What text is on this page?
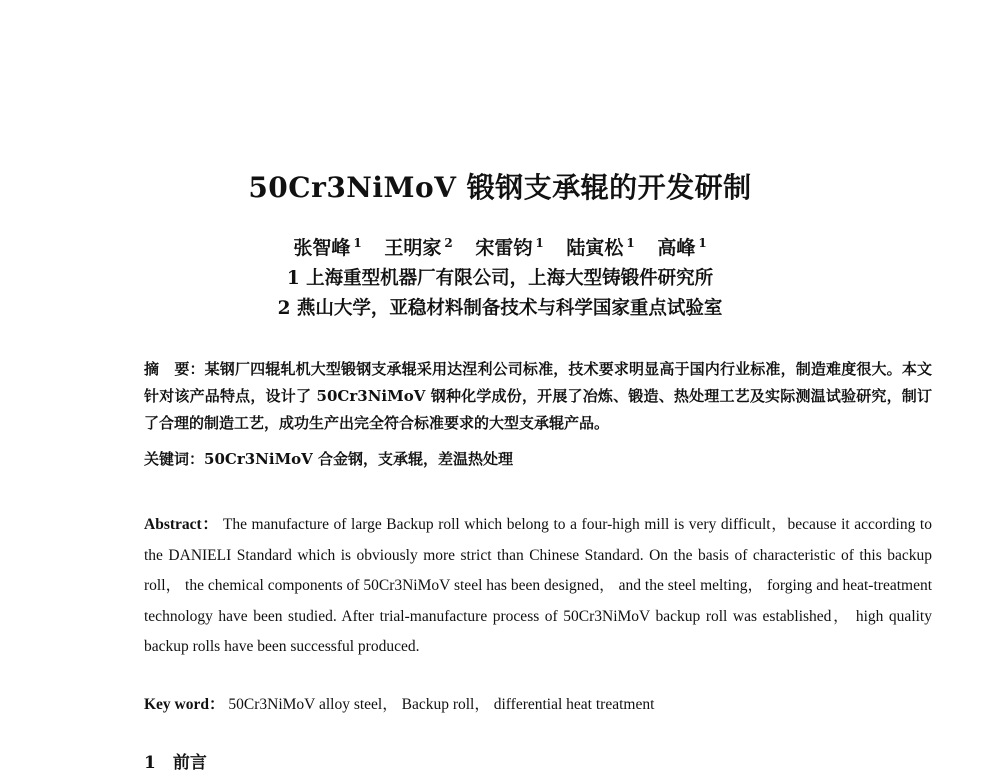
50Cr3NiMoV 锻钢支承辊的开发研制
张智峰 $^1$ 王明家 $^2$ 宋雷钧 $^1$ 陆寅松 $^1$ 高峰 $^1$
1 上海重型机器厂有限公司，上海大型铸锻件研究所
2 燕山大学，亚稳材料制备技术与科学国家重点试验室
摘　要：某钢厂四辊轧机大型锻钢支承辊采用达涅利公司标准，技术要求明显高于国内行业标准，制造难度很大。本文针对该产品特点，设计了 50Cr3NiMoV 钢种化学成份，开展了冶炼、锻造、热处理工艺及实际测温试验研究，制订了合理的制造工艺，成功生产出完全符合标准要求的大型支承辊产品。
关键词：50Cr3NiMoV 合金钢，支承辊，差温热处理
Abstract： The manufacture of large Backup roll which belong to a four-high mill is very difficult，because it according to the DANIELI Standard which is obviously more strict than Chinese Standard. On the basis of characteristic of this backup roll， the chemical components of 50Cr3NiMoV steel has been designed， and the steel melting， forging and heat-treatment technology have been studied. After trial-manufacture process of 50Cr3NiMoV backup roll was established， high quality backup rolls have been successful produced.
Key word： 50Cr3NiMoV alloy steel， Backup roll， differential heat treatment
1　 前言
